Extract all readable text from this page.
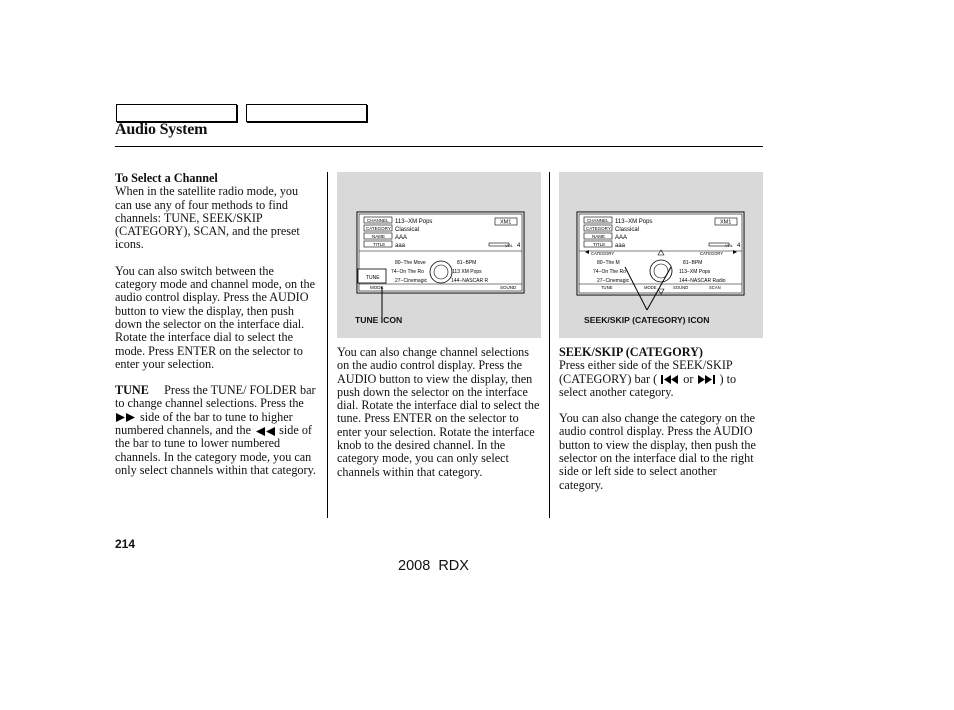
Audio System
To Select a Channel

When in the satellite radio mode, you can use any of four methods to find channels: TUNE, SEEK/SKIP (CATEGORY), SCAN, and the preset icons.

You can also switch between the category mode and channel mode, on the audio control display. Press the AUDIO button to view the display, then push down the selector on the interface dial. Rotate the interface dial to select the mode. Press ENTER on the selector to enter your selection.

TUNE Press the TUNE/ FOLDER bar to change channel selections. Press the  side of the bar to tune to higher numbered channels, and the side of the bar to tune to lower numbered channels. In the category mode, you can only select channels within that category.

CHANNEL 113−XM Pops
CATEGORY Classical
NAME AAA
TITLE aaa
XM1
VOL 4
TUNE
80−The Move	81−BPM
74−On The Ro	113 XM Pops
27−Cinemagic	144−NASCAR R
MODE	SOUND
TUNE ICON
CHANNEL 113−XM Pops
CATEGORY Classical
NAME AAA
TITLE aaa
XM1
VOL 4
CATEGORY	CATEGORY
80−The M	81−BPM
74−On The Ro	113−XM Pops
27−Cinemagic	144−NASCAR Radio
TUNE	MODE	SOUND	SCAN
SEEK/SKIP (CATEGORY) ICON

You can also change channel selections on the audio control display. Press the AUDIO button to view the display, then push down the selector on the interface dial. Rotate the interface dial to select the tune. Press ENTER on the selector to enter your selection. Rotate the interface knob to the desired channel. In the category mode, you can only select channels within that category.

SEEK/SKIP (CATEGORY)

Press either side of the SEEK/SKIP (CATEGORY) bar ( or ) to select another category.

You can also change the category on the audio control display. Press the AUDIO button to view the display, then push the selector on the interface dial to the right side or left side to select another category.

214
2008  RDX
